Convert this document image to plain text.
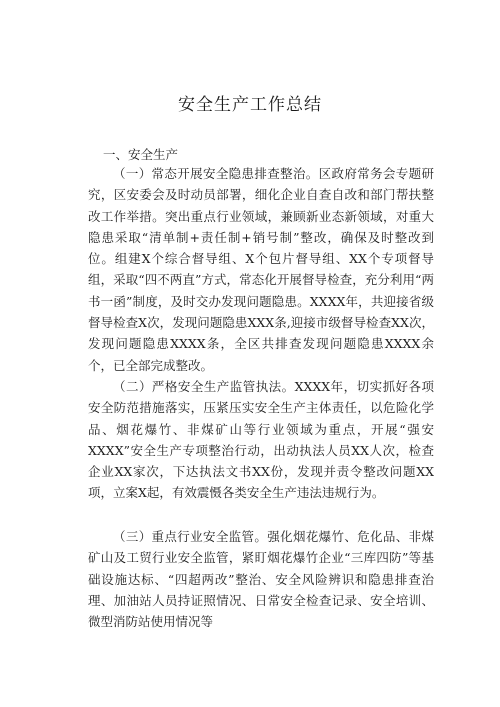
安全生产工作总结
一、安全生产

（一）常态开展安全隐患排查整治。区政府常务会专题研究，区安委会及时动员部署，细化企业自查自改和部门帮扶整改工作举措。突出重点行业领域，兼顾新业态新领域，对重大隐患采取“清单制+责任制+销号制”整改，确保及时整改到位。组建X个综合督导组、X个包片督导组、XX个专项督导组，采取“四不两直”方式，常态化开展督导检查，充分利用“两书一函”制度，及时交办发现问题隐患。XXXX年，共迎接省级督导检查X次，发现问题隐患XXX条,迎接市级督导检查XX次，发现问题隐患XXXX条，全区共排查发现问题隐患XXXX余个，已全部完成整改。

（二）严格安全生产监管执法。XXXX年，切实抓好各项安全防范措施落实，压紧压实安全生产主体责任，以危险化学品、烟花爆竹、非煤矿山等行业领域为重点，开展“强安XXXX”安全生产专项整治行动，出动执法人员XX人次，检查企业XX家次，下达执法文书XX份，发现并责令整改问题XX项，立案X起，有效震慑各类安全生产违法违规行为。

（三）重点行业安全监管。强化烟花爆竹、危化品、非煤矿山及工贸行业安全监管，紧盯烟花爆竹企业“三库四防”等基础设施达标、“四超两改”整治、安全风险辨识和隐患排查治理、加油站人员持证照情况、日常安全检查记录、安全培训、微型消防站使用情况等
